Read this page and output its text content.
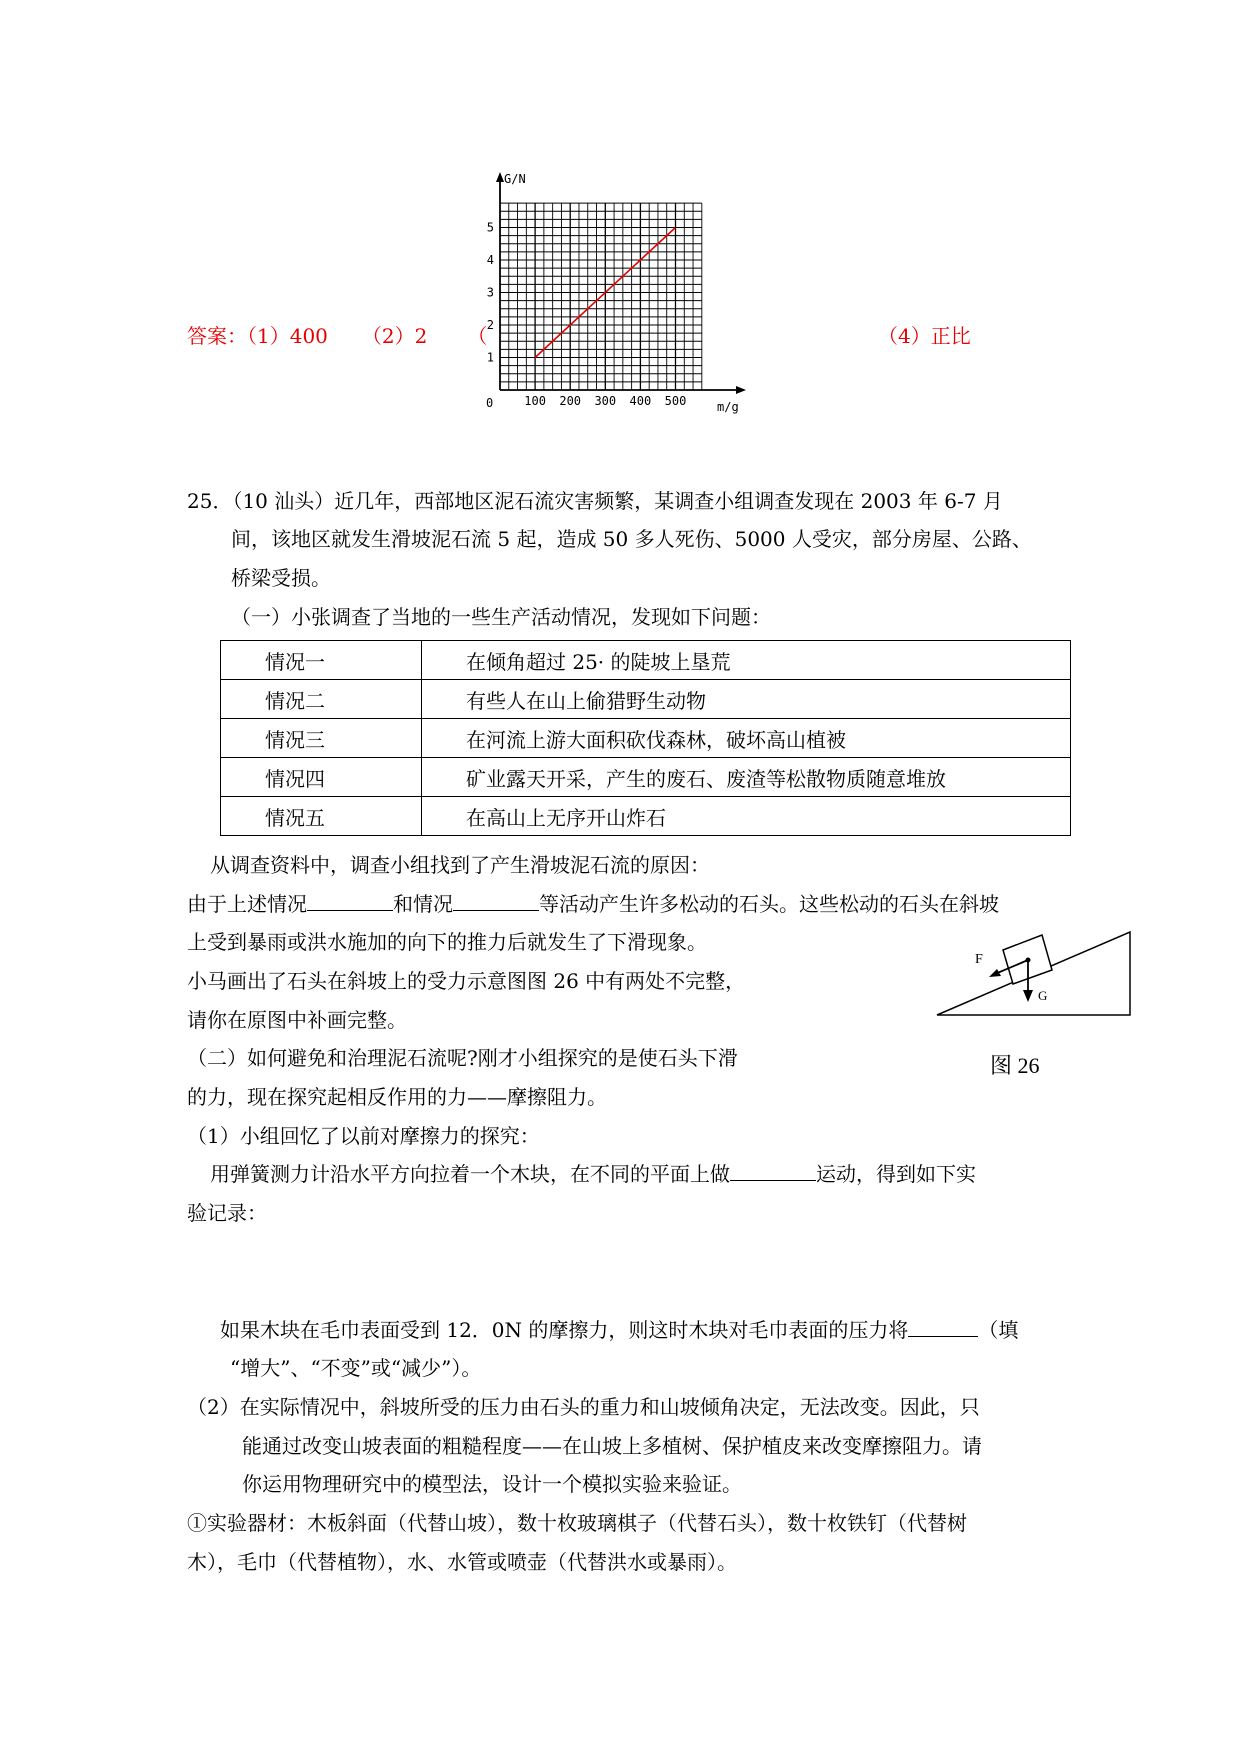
答案：（1）400 （2）2 （	（4）正比
G/N
m/g
0	100 200 300 400 500
1
2
3
4
5
25．（10 汕头）近几年，西部地区泥石流灾害频繁，某调查小组调查发现在 2003 年 6-7 月
间，该地区就发生滑坡泥石流 5 起，造成 50 多人死伤、5000 人受灾，部分房屋、公路、
桥梁受损。
（一）小张调查了当地的一些生产活动情况，发现如下问题：
情况一	在倾角超过 25· 的陡坡上垦荒
情况二	有些人在山上偷猎野生动物
情况三	在河流上游大面积砍伐森林，破坏高山植被
情况四	矿业露天开采，产生的废石、废渣等松散物质随意堆放
情况五	在高山上无序开山炸石
从调查资料中，调查小组找到了产生滑坡泥石流的原因：
由于上述情况	和情况	等活动产生许多松动的石头。这些松动的石头在斜坡
上受到暴雨或洪水施加的向下的推力后就发生了下滑现象。
小马画出了石头在斜坡上的受力示意图图 26 中有两处不完整，
请你在原图中补画完整。
（二）如何避免和治理泥石流呢?刚才小组探究的是使石头下滑
的力，现在探究起相反作用的力——摩擦阻力。
F
G
图 26
（1）小组回忆了以前对摩擦力的探究：
用弹簧测力计沿水平方向拉着一个木块，在不同的平面上做	运动，得到如下实
验记录：
如果木块在毛巾表面受到 12．0N 的摩擦力，则这时木块对毛巾表面的压力将	（填
“增大”、“不变”或“减少”）。
（2）在实际情况中，斜坡所受的压力由石头的重力和山坡倾角决定，无法改变。因此，只
能通过改变山坡表面的粗糙程度——在山坡上多植树、保护植皮来改变摩擦阻力。请
你运用物理研究中的模型法，设计一个模拟实验来验证。
①实验器材：木板斜面（代替山坡），数十枚玻璃棋子（代替石头），数十枚铁钉（代替树
木），毛巾（代替植物），水、水管或喷壶（代替洪水或暴雨）。
